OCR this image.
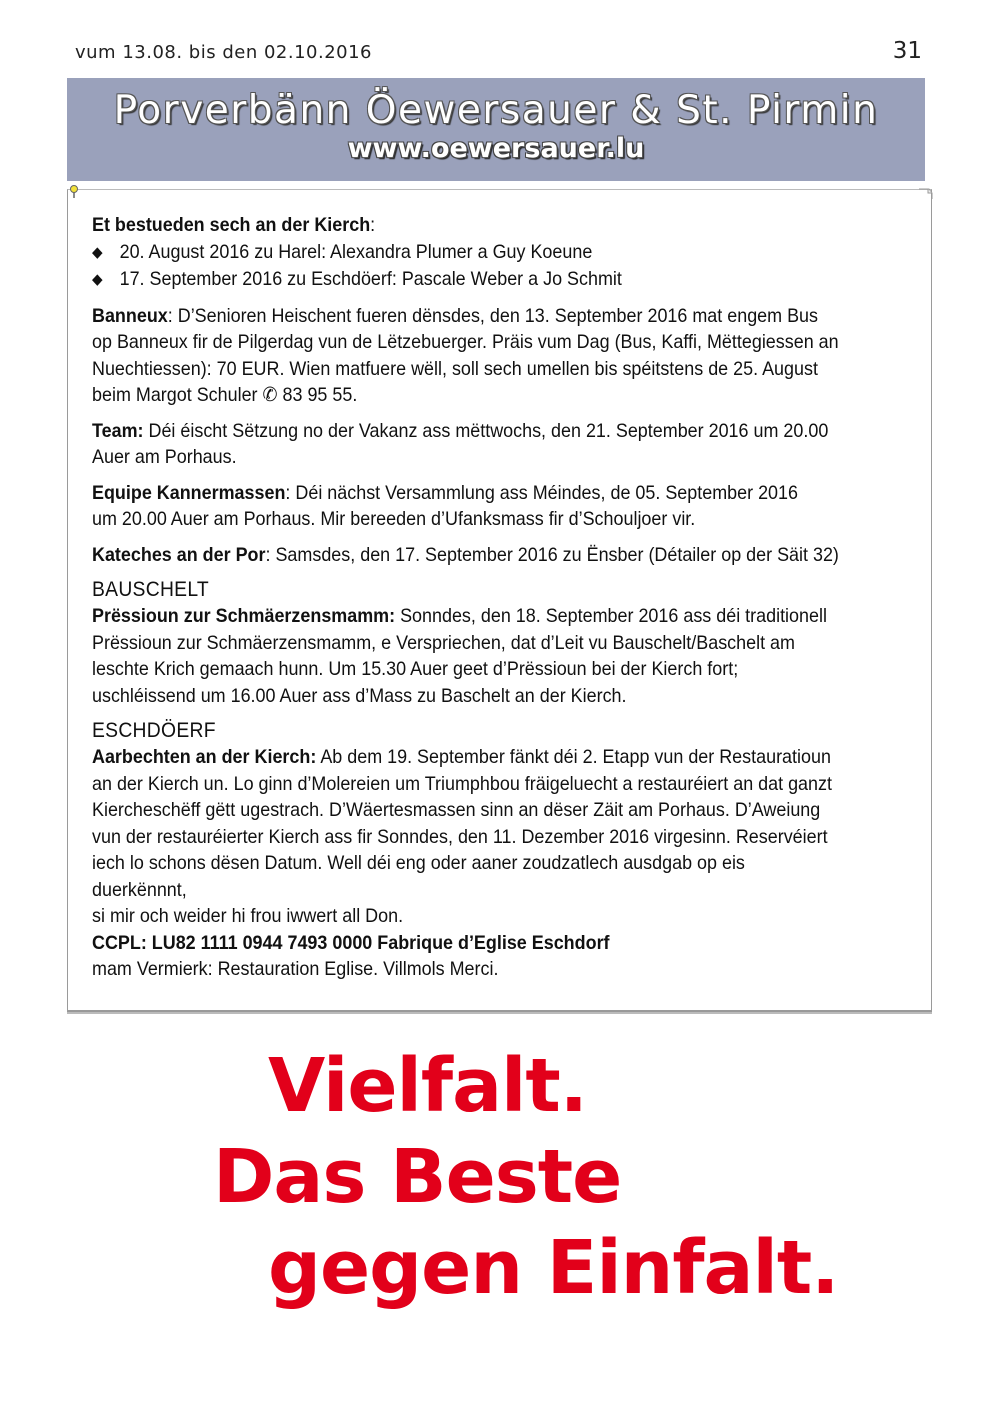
vum 13.08. bis den 02.10.2016	31
Porverbänn Öewersauer & St. Pirmin
www.oewersauer.lu
Et bestueden sech an der Kierch:
◆ 20. August 2016 zu Harel: Alexandra Plumer a Guy Koeune
◆ 17. September 2016 zu Eschdöerf: Pascale Weber a Jo Schmit
Banneux: D’Senioren Heischent fueren dënsdes, den 13. September 2016 mat engem Bus op Banneux fir de Pilgerdag vun de Lëtzebuerger. Präis vum Dag (Bus, Kaffi, Mëttegiessen an Nuechtiessen): 70 EUR. Wien matfuere wëll, soll sech umellen bis spéitstens de 25. August beim Margot Schuler ✆ 83 95 55.
Team: Déi éischt Sëtzung no der Vakanz ass mëttwochs, den 21. September 2016 um 20.00 Auer am Porhaus.
Equipe Kannermassen: Déi nächst Versammlung ass Méindes, de 05. September 2016
um 20.00 Auer am Porhaus. Mir bereeden d’Ufanksmass fir d’Schouljoer vir.
Kateches an der Por: Samsdes, den 17. September 2016 zu Ënsber (Détailer op der Säit 32)
BAUSCHELT
Prëssioun zur Schmäerzensmamm: Sonndes, den 18. September 2016 ass déi traditionell Prëssioun zur Schmäerzensmamm, e Verspriechen, dat d’Leit vu Bauschelt/Baschelt am leschte Krich gemaach hunn. Um 15.30 Auer geet d’Prëssioun bei der Kierch fort; uschléissend um 16.00 Auer ass d’Mass zu Baschelt an der Kierch.
ESCHDÖERF
Aarbechten an der Kierch: Ab dem 19. September fänkt déi 2. Etapp vun der Restauratioun
an der Kierch un. Lo ginn d’Molereien um Triumphbou fräigeluecht a restauréiert an dat ganzt Kiercheschëff gëtt ugestrach. D’Wäertesmassen sinn an dëser Zäit am Porhaus. D’Aweiung vun der restauréierter Kierch ass fir Sonndes, den 11. Dezember 2016 virgesinn. Reservéiert iech lo schons dësen Datum. Well déi eng oder aaner zoudzatlech ausdgab op eis duerkënnnt,
si mir och weider hi frou iwwert all Don.
CCPL: LU82 1111 0944 7493 0000 Fabrique d’Eglise Eschdorf
mam Vermierk: Restauration Eglise. Villmols Merci.
Vielfalt.
Das Beste
gegen Einfalt.
